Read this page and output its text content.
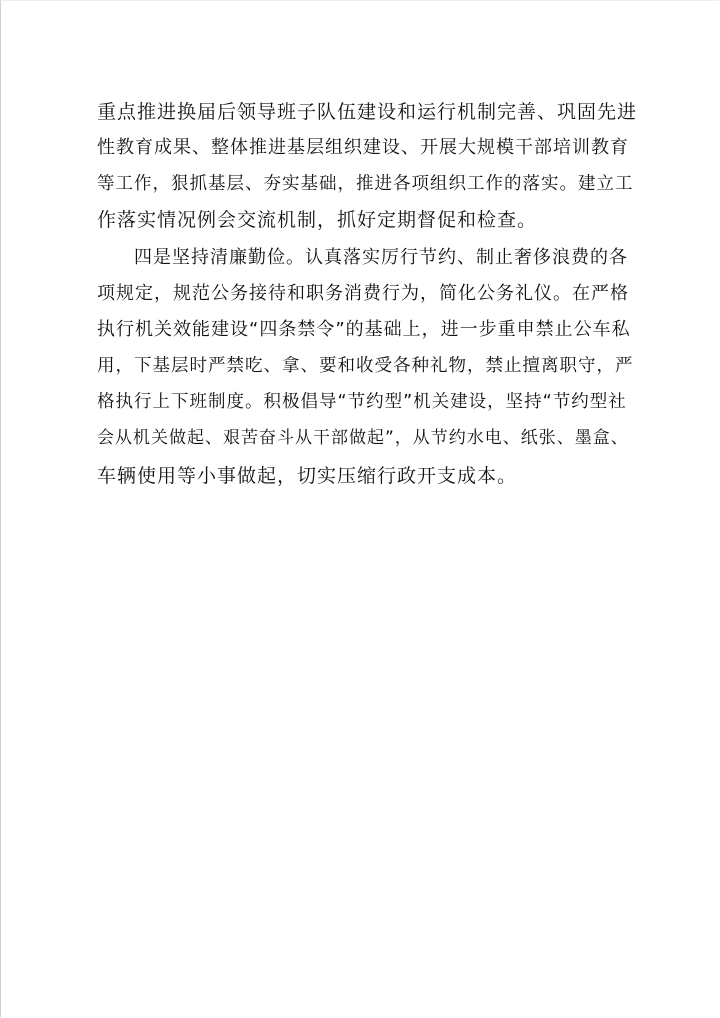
重点推进换届后领导班子队伍建设和运行机制完善、巩固先进
性教育成果、整体推进基层组织建设、开展大规模干部培训教育
等工作，狠抓基层、夯实基础，推进各项组织工作的落实。建立工
作落实情况例会交流机制，抓好定期督促和检查。
四是坚持清廉勤俭。认真落实厉行节约、制止奢侈浪费的各
项规定，规范公务接待和职务消费行为，简化公务礼仪。在严格
执行机关效能建设“四条禁令”的基础上，进一步重申禁止公车私
用，下基层时严禁吃、拿、要和收受各种礼物，禁止擅离职守，严
格执行上下班制度。积极倡导“节约型”机关建设，坚持“节约型社
会从机关做起、艰苦奋斗从干部做起”，从节约水电、纸张、墨盒、
车辆使用等小事做起，切实压缩行政开支成本。
